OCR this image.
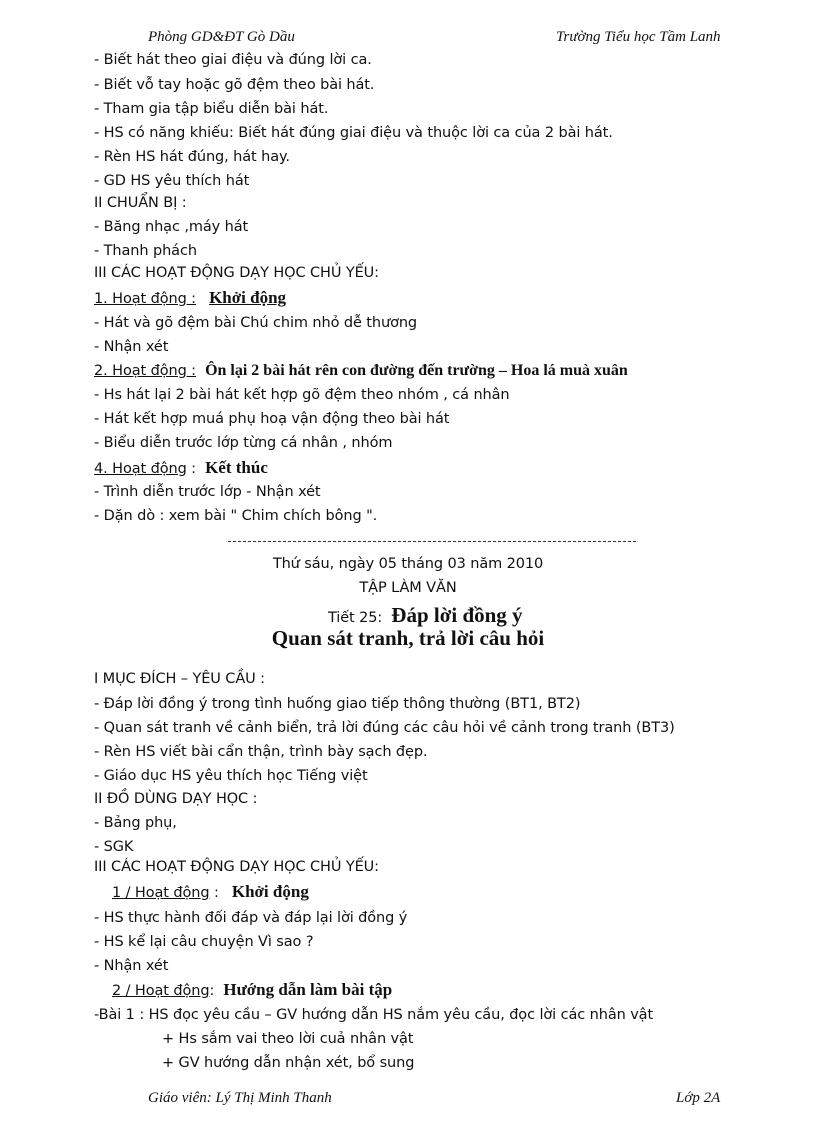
Phòng GD&ĐT Gò Dầu	Trường Tiểu học Tầm Lanh
- Biết hát theo giai điệu và đúng lời ca.
- Biết vỗ tay hoặc gõ đệm theo bài hát.
- Tham gia tập biểu diễn bài hát.
- HS có năng khiếu: Biết hát đúng giai điệu và thuộc lời ca của 2 bài hát.
- Rèn HS hát đúng, hát hay.
- GD HS yêu thích hát
II CHUẨN BỊ :
- Băng nhạc ,máy hát
- Thanh phách
III CÁC HOẠT ĐỘNG DẠY HỌC CHỦ YẾU:
1. Hoạt động : Khởi động
- Hát và gõ đệm bài Chú chim nhỏ dễ thương
- Nhận xét
2. Hoạt động : Ôn lại 2 bài hát rên con đường đến trường – Hoa lá muà xuân
- Hs hát lại 2 bài hát kết hợp gõ đệm theo nhóm , cá nhân
- Hát kết hợp muá phụ hoạ vận động theo bài hát
- Biểu diễn trước lớp từng cá nhân , nhóm
4. Hoạt động : Kết thúc
- Trình diễn trước lớp - Nhận xét
- Dặn dò : xem bài " Chim chích bông ".
Thứ sáu, ngày 05 tháng 03 năm 2010
TẬP LÀM VĂN
Tiết 25: Đáp lời đồng ý
Quan sát tranh, trả lời câu hỏi
I MỤC ĐÍCH – YÊU CẦU :
- Đáp lời đồng ý trong tình huống giao tiếp thông thường (BT1, BT2)
- Quan sát tranh về cảnh biển, trả lời đúng các câu hỏi về cảnh trong tranh (BT3)
- Rèn HS viết bài cẩn thận, trình bày sạch đẹp.
- Giáo dục HS yêu thích học Tiếng việt
II ĐỒ DÙNG DẠY HỌC :
- Bảng phụ,
- SGK
III CÁC HOẠT ĐỘNG DẠY HỌC CHỦ YẾU:
1 / Hoạt động : Khởi động
- HS thực hành đối đáp và đáp lại lời đồng ý
- HS kể lại câu chuyện Vì sao ?
- Nhận xét
2 / Hoạt động: Hướng dẫn làm bài tập
-Bài 1 : HS đọc yêu cầu – GV hướng dẫn HS nắm yêu cầu, đọc lời các nhân vật
+ Hs sắm vai theo lời cuả nhân vật
+ GV hướng dẫn nhận xét, bổ sung
Giáo viên: Lý Thị Minh Thanh	Lớp 2A
